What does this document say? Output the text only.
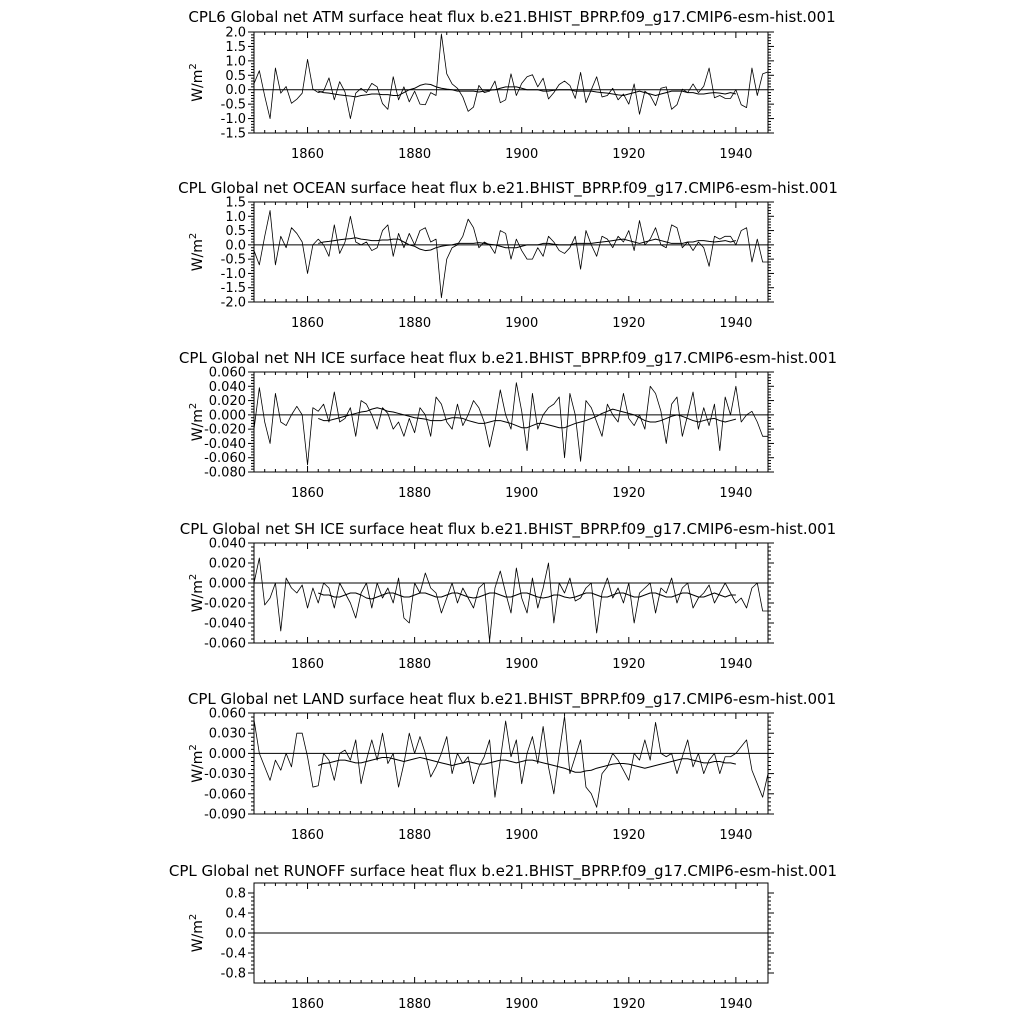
CPL6 Global net ATM surface heat flux b.e21.BHIST_BPRP.f09_g17.CMIP6-esm-hist.001
1860	1880	1900	1920	1940
2.0
1.5
1.0
0.5
0.0
-0.5
-1.0
-1.5
$W/m^2$
CPL Global net OCEAN surface heat flux b.e21.BHIST_BPRP.f09_g17.CMIP6-esm-hist.001
1860	1880	1900	1920	1940
1.5
1.0
0.5
0.0
-0.5
-1.0
-1.5
-2.0
$W/m^2$
CPL Global net NH ICE surface heat flux b.e21.BHIST_BPRP.f09_g17.CMIP6-esm-hist.001
1860	1880	1900	1920	1940
0.060
0.040
0.020
0.000
-0.020
-0.040
-0.060
-0.080
$W/m^2$
CPL Global net SH ICE surface heat flux b.e21.BHIST_BPRP.f09_g17.CMIP6-esm-hist.001
1860	1880	1900	1920	1940
0.040
0.020
0.000
-0.020
-0.040
-0.060
$W/m^2$
CPL Global net LAND surface heat flux b.e21.BHIST_BPRP.f09_g17.CMIP6-esm-hist.001
1860	1880	1900	1920	1940
0.060
0.030
0.000
-0.030
-0.060
-0.090
$W/m^2$
CPL Global net RUNOFF surface heat flux b.e21.BHIST_BPRP.f09_g17.CMIP6-esm-hist.001
1860	1880	1900	1920	1940
0.8
0.4
0.0
-0.4
-0.8
$W/m^2$
